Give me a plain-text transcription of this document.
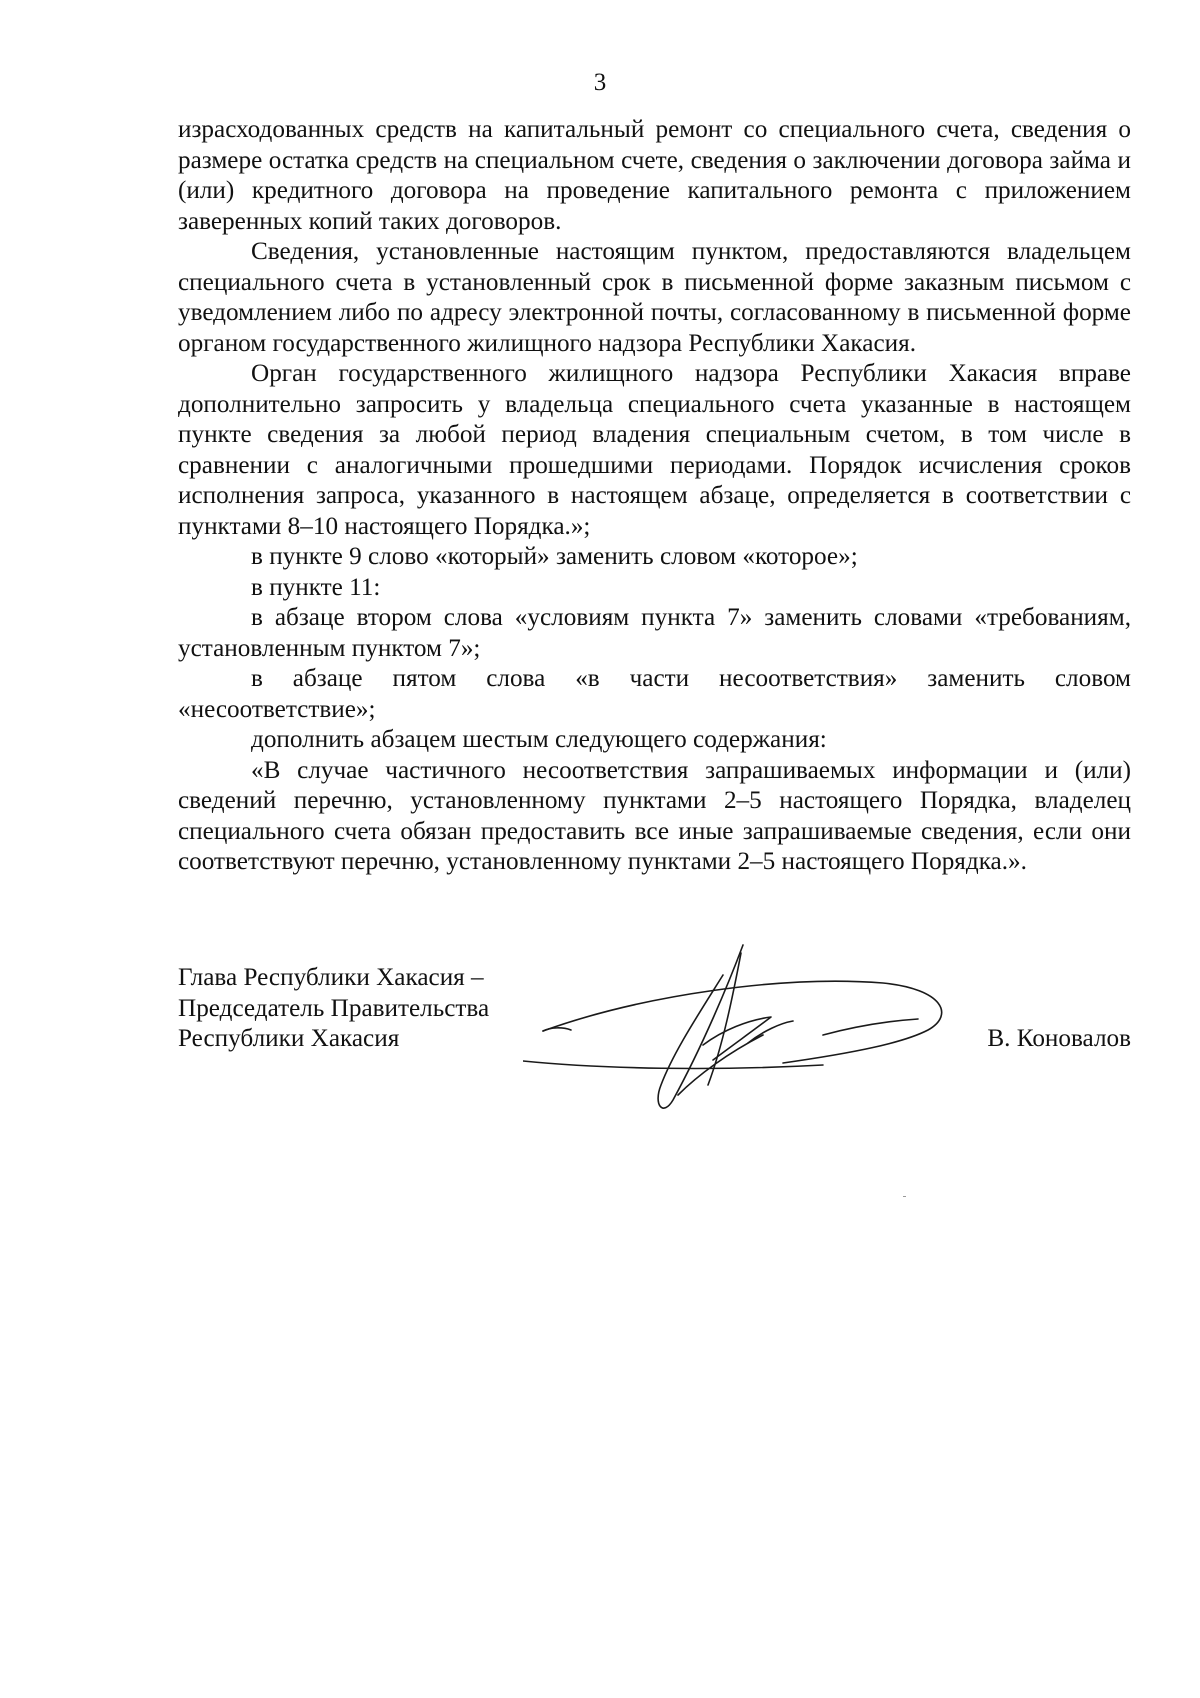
3

израсходованных средств на капитальный ремонт со специального счета, сведения о размере остатка средств на специальном счете, сведения о заключении договора займа и (или) кредитного договора на проведение капитального ремонта с приложением заверенных копий таких договоров.

Сведения, установленные настоящим пунктом, предоставляются владельцем специального счета в установленный срок в письменной форме заказным письмом с уведомлением либо по адресу электронной почты, согласованному в письменной форме органом государственного жилищного надзора Республики Хакасия.

Орган государственного жилищного надзора Республики Хакасия вправе дополнительно запросить у владельца специального счета указанные в настоящем пункте сведения за любой период владения специальным счетом, в том числе в сравнении с аналогичными прошедшими периодами. Порядок исчисления сроков исполнения запроса, указанного в настоящем абзаце, определяется в соответствии с пунктами 8–10 настоящего Порядка.»;

в пункте 9 слово «который» заменить словом «которое»;

в пункте 11:

в абзаце втором слова «условиям пункта 7» заменить словами «требованиям, установленным пунктом 7»;

в абзаце пятом слова «в части несоответствия» заменить словом «несоответствие»;

дополнить абзацем шестым следующего содержания:

«В случае частичного несоответствия запрашиваемых информации и (или) сведений перечню, установленному пунктами 2–5 настоящего Порядка, владелец специального счета обязан предоставить все иные запрашиваемые сведения, если они соответствуют перечню, установленному пунктами 2–5 настоящего Порядка.».

Глава Республики Хакасия –
Председатель Правительства
Республики Хакасия	В. Коновалов
